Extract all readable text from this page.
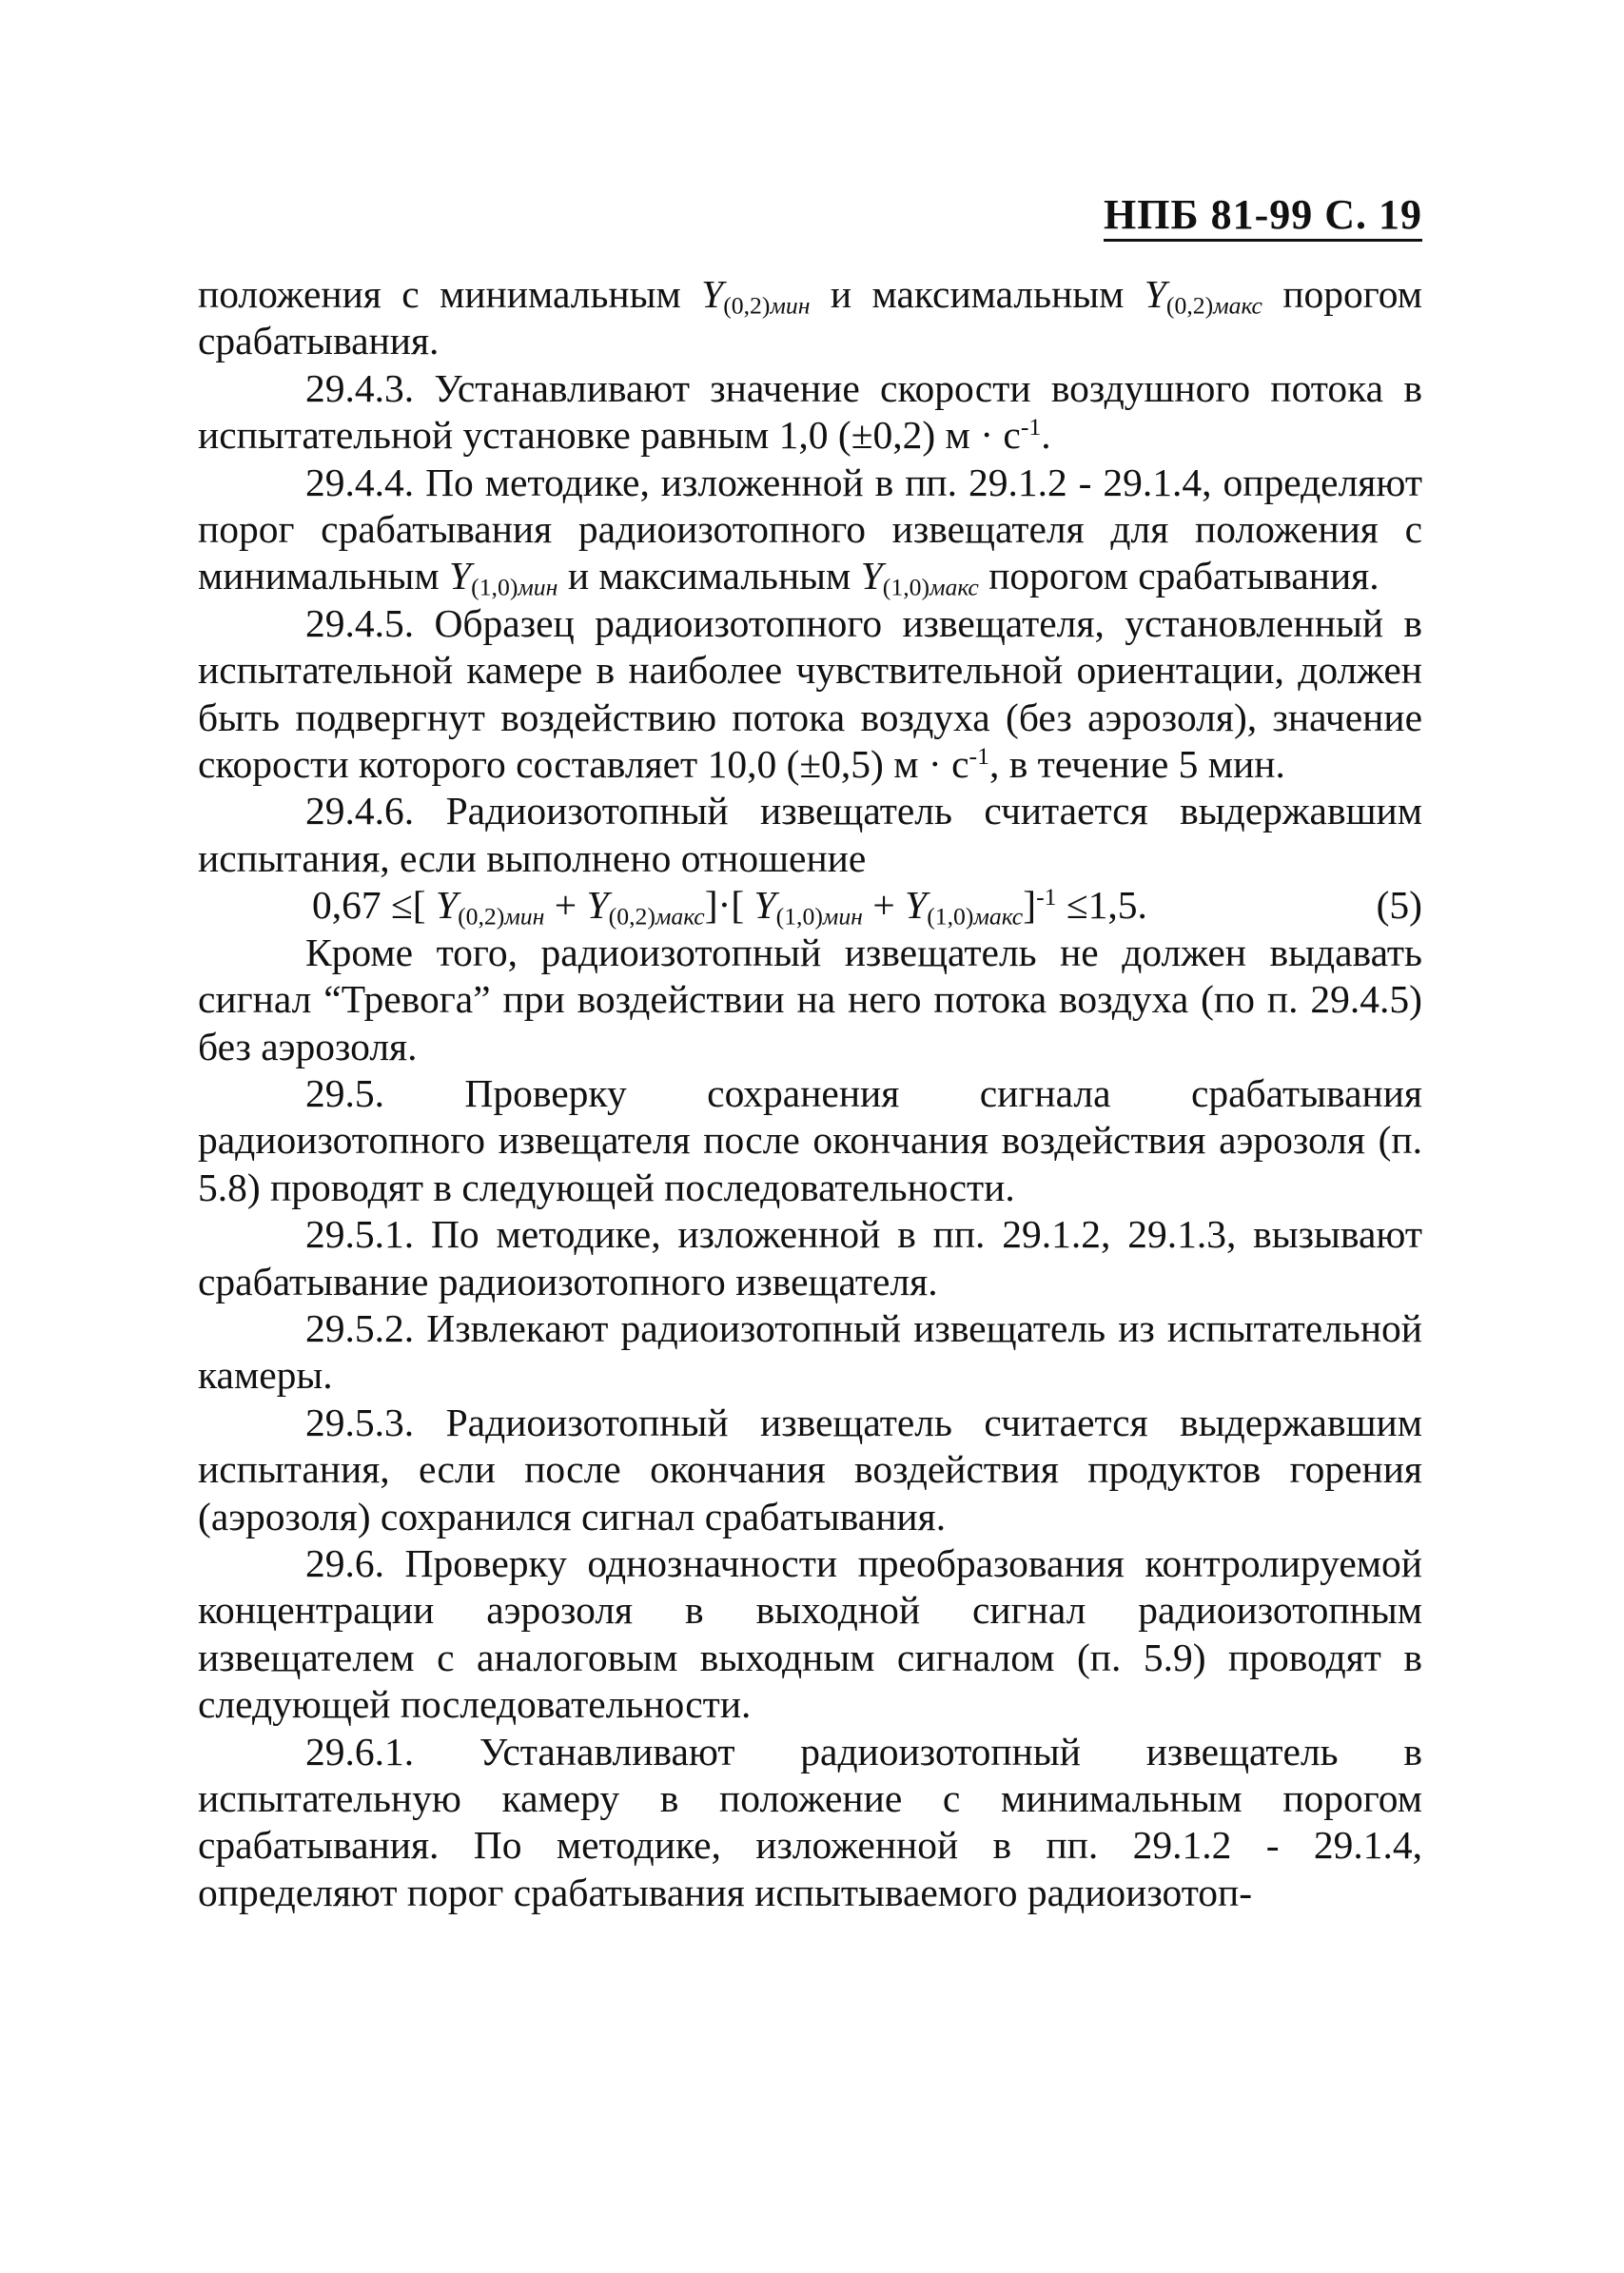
НПБ 81-99 С. 19

положения с минимальным $Y_{(0,2)мин}$ и максимальным $Y_{(0,2)макс}$ порогом срабатывания.

29.4.3. Устанавливают значение скорости воздушного потока в испытательной установке равным 1,0 (±0,2) $м \cdot с^{-1}$.

29.4.4. По методике, изложенной в пп. 29.1.2 - 29.1.4, определяют порог срабатывания радиоизотопного извещателя для положения с минимальным $Y_{(1,0)мин}$ и максимальным $Y_{(1,0)макс}$ порогом срабатывания.

29.4.5. Образец радиоизотопного извещателя, установленный в испытательной камере в наиболее чувствительной ориентации, должен быть подвергнут воздействию потока воздуха (без аэрозоля), значение скорости которого составляет 10,0 (±0,5) $м \cdot с^{-1}$, в течение 5 мин.

29.4.6. Радиоизотопный извещатель считается выдержавшим испытания, если выполнено отношение

0,67 ≤[ $Y_{(0,2)мин} + Y_{(0,2)макс}]\cdot$[ $Y_{(1,0)мин} + Y_{(1,0)макс}]^{-1} \le 1,5$.	(5)

Кроме того, радиоизотопный извещатель не должен выдавать сигнал “Тревога” при воздействии на него потока воздуха (по п. 29.4.5) без аэрозоля.

29.5. Проверку сохранения сигнала срабатывания радиоизотопного извещателя после окончания воздействия аэрозоля (п. 5.8) проводят в следующей последовательности.

29.5.1. По методике, изложенной в пп. 29.1.2, 29.1.3, вызывают срабатывание радиоизотопного извещателя.

29.5.2. Извлекают радиоизотопный извещатель из испытательной камеры.

29.5.3. Радиоизотопный извещатель считается выдержавшим испытания, если после окончания воздействия продуктов горения (аэрозоля) сохранился сигнал срабатывания.

29.6. Проверку однозначности преобразования контролируемой концентрации аэрозоля в выходной сигнал радиоизотопным извещателем с аналоговым выходным сигналом (п. 5.9) проводят в следующей последовательности.

29.6.1. Устанавливают радиоизотопный извещатель в испытательную камеру в положение с минимальным порогом срабатывания. По методике, изложенной в пп. 29.1.2 - 29.1.4, определяют порог срабатывания испытываемого радиоизотоп-
